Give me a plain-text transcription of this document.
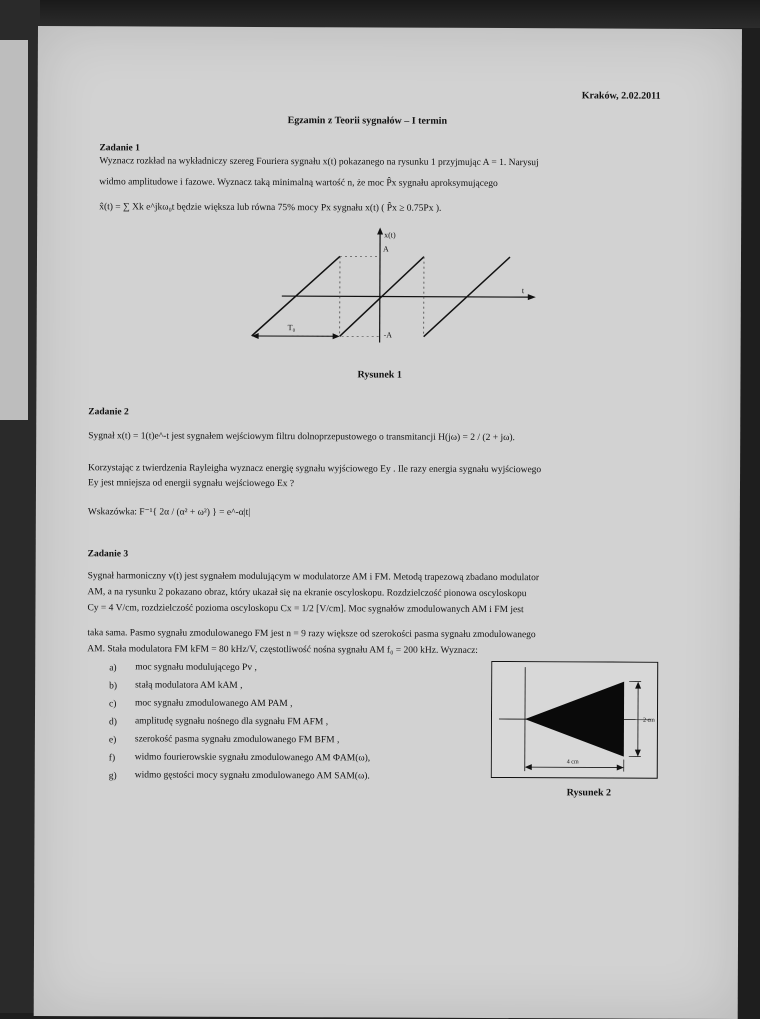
Kraków, 2.02.2011
Egzamin z Teorii sygnałów – I termin
Zadanie 1
Wyznacz rozkład na wykładniczy szereg Fouriera sygnału x(t) pokazanego na rysunku 1 przyjmując A = 1. Narysuj
widmo amplitudowe i fazowe. Wyznacz taką minimalną wartość n, że moc P̂x sygnału aproksymującego
x̂(t) = ∑ Xk e^jkω₀t będzie większa lub równa 75% mocy Px sygnału x(t) ( P̂x ≥ 0.75Px ).
T₀
x(t)
t
A
-A
Rysunek 1
Zadanie 2
Sygnał x(t) = 1(t)e^-t jest sygnałem wejściowym filtru dolnoprzepustowego o transmitancji H(jω) = 2 / (2 + jω).
Korzystając z twierdzenia Rayleigha wyznacz energię sygnału wyjściowego Ey . Ile razy energia sygnału wyjściowego
Ey jest mniejsza od energii sygnału wejściowego Ex ?
Wskazówka: F⁻¹{ 2α / (α² + ω²) } = e^-α|t|
Zadanie 3
Sygnał harmoniczny v(t) jest sygnałem modulującym w modulatorze AM i FM. Metodą trapezową zbadano modulator
AM, a na rysunku 2 pokazano obraz, który ukazał się na ekranie oscyloskopu. Rozdzielczość pionowa oscyloskopu
Cy = 4 V/cm, rozdzielczość pozioma oscyloskopu Cx = 1/2 [V/cm]. Moc sygnałów zmodulowanych AM i FM jest
taka sama. Pasmo sygnału zmodulowanego FM jest n = 9 razy większe od szerokości pasma sygnału zmodulowanego
AM. Stała modulatora FM kFM = 80 kHz/V, częstotliwość nośna sygnału AM f₀ = 200 kHz. Wyznacz:
a) moc sygnału modulującego Pv ,
b) stałą modulatora AM kAM ,
c) moc sygnału zmodulowanego AM PAM ,
d) amplitudę sygnału nośnego dla sygnału FM AFM ,
e) szerokość pasma sygnału zmodulowanego FM BFM ,
f) widmo fourierowskie sygnału zmodulowanego AM ΦAM(ω),
g) widmo gęstości mocy sygnału zmodulowanego AM SAM(ω).
2 cm
4 cm
Rysunek 2
